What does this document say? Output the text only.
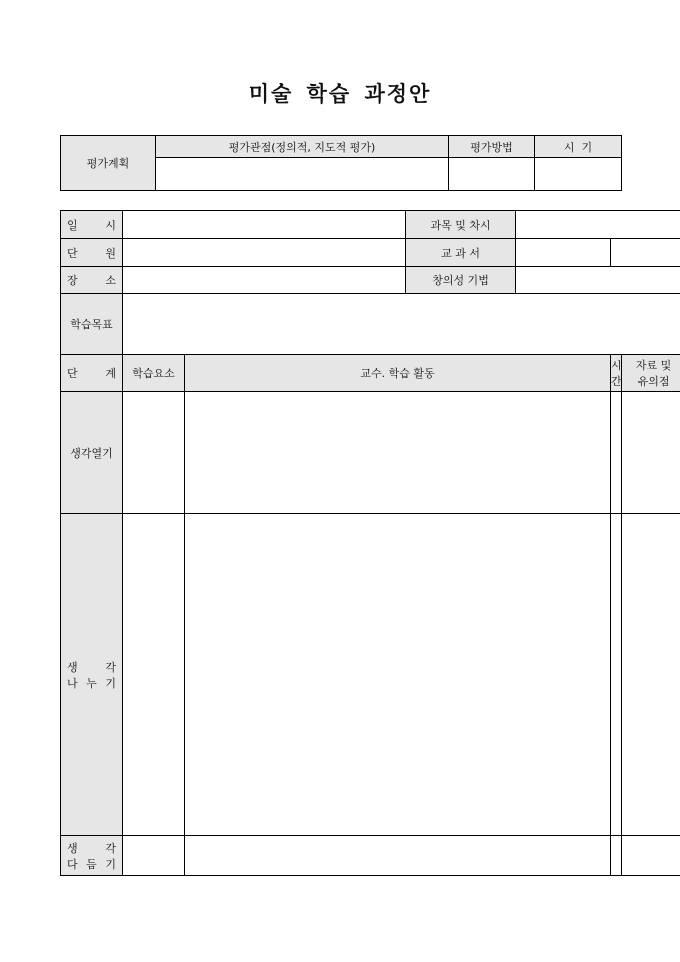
미술 학습 과정안
평가계획	평가관점(정의적, 지도적 평가)	평가방법	시  기

일     시			과목 및 차시			
단     원			교 과 서			
장     소			창의성 기법			
학습목표						
단     계	학습요소	교수. 학습 활동			시간	자료 및
유의점

생각열기						

생    각
나 누 기						

생    각
다 듬 기						
